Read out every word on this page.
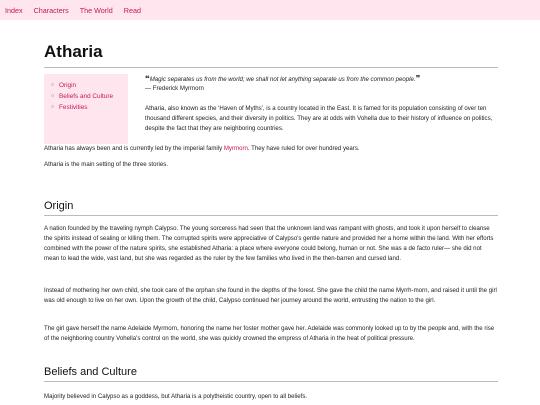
Index Characters The World Read
Atharia
○ Origin
○ Beliefs and Culture
○ Festivities
❝Magic separates us from the world; we shall not let anything separate us from the common people.❞
— Frederick Myrmorn

Atharia, also known as the 'Haven of Myths', is a country located in the East. It is famed for its population consisting of over ten thousand different species, and their diversity in politics. They are at odds with Vohella due to their history of influence on politics, despite the fact that they are neighboring countries.

Atharia has always been and is currently led by the imperial family Myrmorn. They have ruled for over hundred years.

Atharia is the main setting of the three stories.

Origin

A nation founded by the traveling nymph Calypso. The young sorceress had seen that the unknown land was rampant with ghosts, and took it upon herself to cleanse the spirits instead of sealing or killing them. The corrupted spirits were appreciative of Calypso's gentle nature and provided her a home within the land. With her efforts combined with the power of the nature spirits, she established Atharia: a place where everyone could belong, human or not. She was a de facto ruler— she did not mean to lead the wide, vast land, but she was regarded as the ruler by the few families who lived in the then-barren and cursed land.

Instead of mothering her own child, she took care of the orphan she found in the depths of the forest. She gave the child the name Myrrh-morn, and raised it until the girl was old enough to live on her own. Upon the growth of the child, Calypso continued her journey around the world, entrusting the nation to the girl.

The girl gave herself the name Adelaide Myrmorn, honoring the name her foster mother gave her. Adelaide was commonly looked up to by the people and, with the rise of the neighboring country Vohella's control on the world, she was quickly crowned the empress of Atharia in the heat of political pressure.

Beliefs and Culture

Majority believed in Calypso as a goddess, but Atharia is a polytheistic country, open to all beliefs.
